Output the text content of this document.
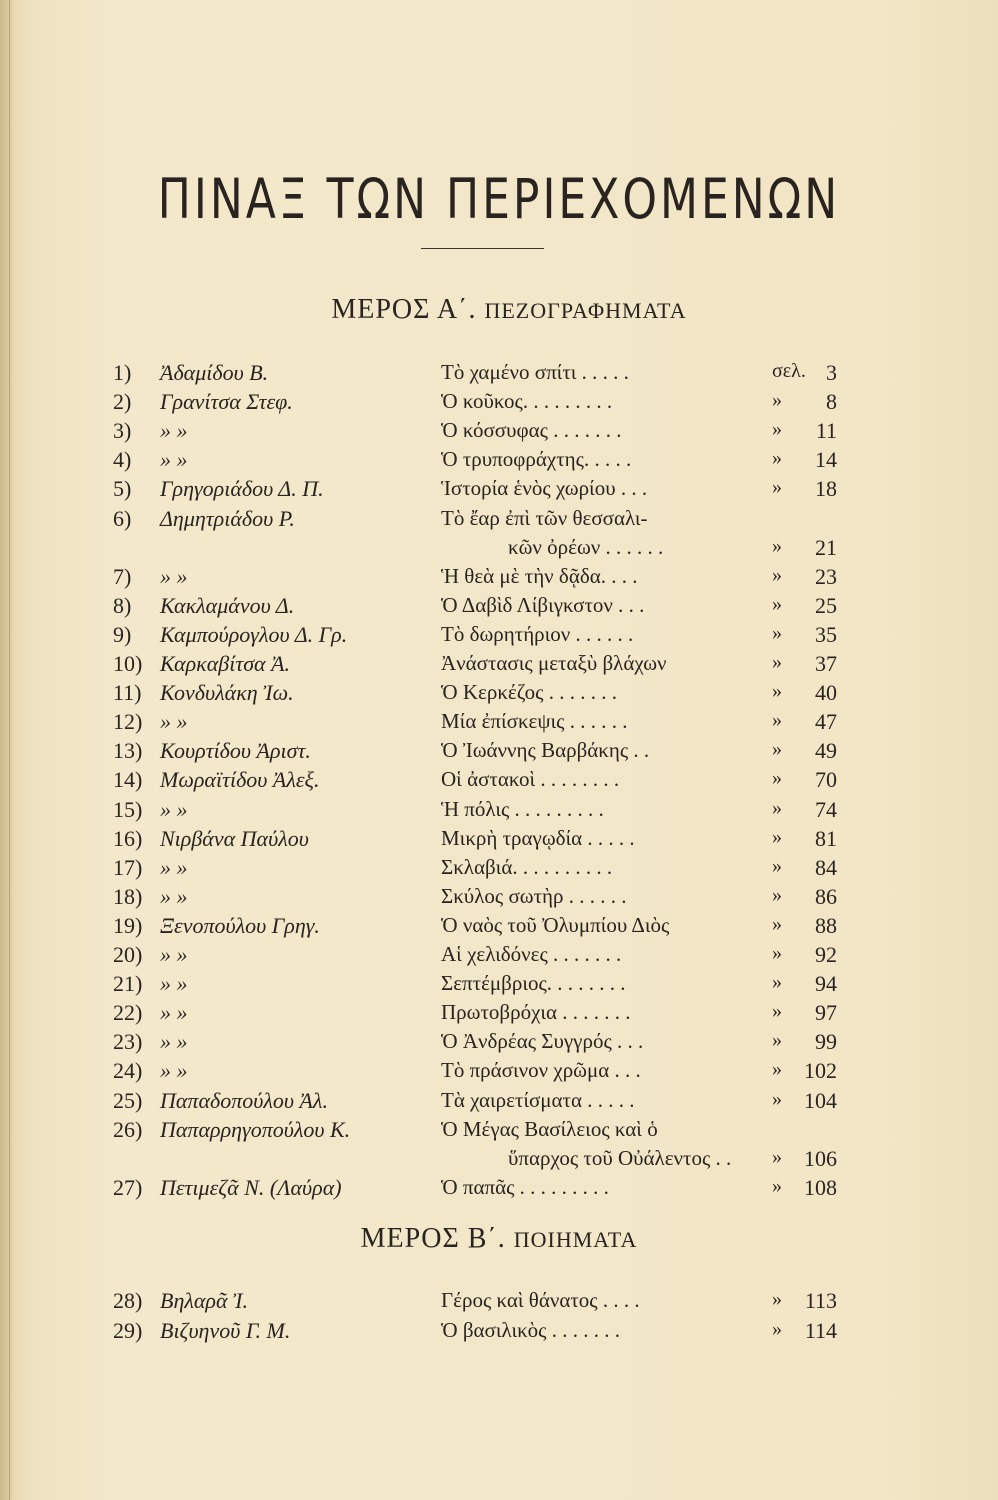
ΠΙΝΑΞ ΤΩΝ ΠΕΡΙΕΧΟΜΕΝΩΝ
ΜΕΡΟΣ Α΄. ΠΕΖΟΓΡΑΦΗΜΑΤΑ
1) Ἀδαμίδου Β.	Τὸ χαμένο σπίτι . . . . .	σελ. 3
2) Γρανίτσα Στεφ.	Ὁ κοῦκος. . . . . . . . .	»	8
3) » »	Ὁ κόσσυφας . . . . . . .	»	11
4) » »	Ὁ τρυποφράχτης. . . . .	»	14
5) Γρηγοριάδου Δ. Π.	Ἱστορία ἑνὸς χωρίου . . .	»	18
6) Δημητριάδου Ρ.	Τὸ ἔαρ ἐπὶ τῶν θεσσαλι-
κῶν ὀρέων . . . . . .	»	21
7) » »	Ἡ θεὰ μὲ τὴν δᾷδα. . . .	»	23
8) Κακλαμάνου Δ.	Ὁ Δαβὶδ Λίβιγκστον . . .	»	25
9) Καμπούρογλου Δ. Γρ.	Τὸ δωρητήριον . . . . . .	»	35
10) Καρκαβίτσα Ἀ.	Ἀνάστασις μεταξὺ βλάχων	»	37
11) Κονδυλάκη Ἰω.	Ὁ Κερκέζος . . . . . . .	»	40
12) » »	Μία ἐπίσκεψις . . . . . .	»	47
13) Κουρτίδου Ἀριστ.	Ὁ Ἰωάννης Βαρβάκης . .	»	49
14) Μωραϊτίδου Ἀλεξ.	Οἱ ἀστακοὶ . . . . . . . .	»	70
15) » »	Ἡ πόλις . . . . . . . . .	»	74
16) Νιρβάνα Παύλου	Μικρὴ τραγῳδία . . . . .	»	81
17) » »	Σκλαβιά. . . . . . . . . .	»	84
18) » »	Σκύλος σωτὴρ . . . . . .	»	86
19) Ξενοπούλου Γρηγ.	Ὁ ναὸς τοῦ Ὀλυμπίου Διὸς	»	88
20) » »	Αἱ χελιδόνες . . . . . . .	»	92
21) » »	Σεπτέμβριος. . . . . . . .	»	94
22) » »	Πρωτοβρόχια . . . . . . .	»	97
23) » »	Ὁ Ἀνδρέας Συγγρός . . .	»	99
24) » »	Τὸ πράσινον χρῶμα . . .	»	102
25) Παπαδοπούλου Ἀλ.	Τὰ χαιρετίσματα . . . . .	»	104
26) Παπαρρηγοπούλου Κ.	Ὁ Μέγας Βασίλειος καὶ ὁ
ὕπαρχος τοῦ Οὐάλεντος . . »	106
27) Πετιμεζᾶ Ν. (Λαύρα)	Ὁ παπᾶς . . . . . . . . .	»	108
ΜΕΡΟΣ Β΄. ΠΟΙΗΜΑΤΑ
28) Βηλαρᾶ Ἰ.	Γέρος καὶ θάνατος . . . .	»	113
29) Βιζυηνοῦ Γ. Μ.	Ὁ βασιλικὸς . . . . . . .	»	114
